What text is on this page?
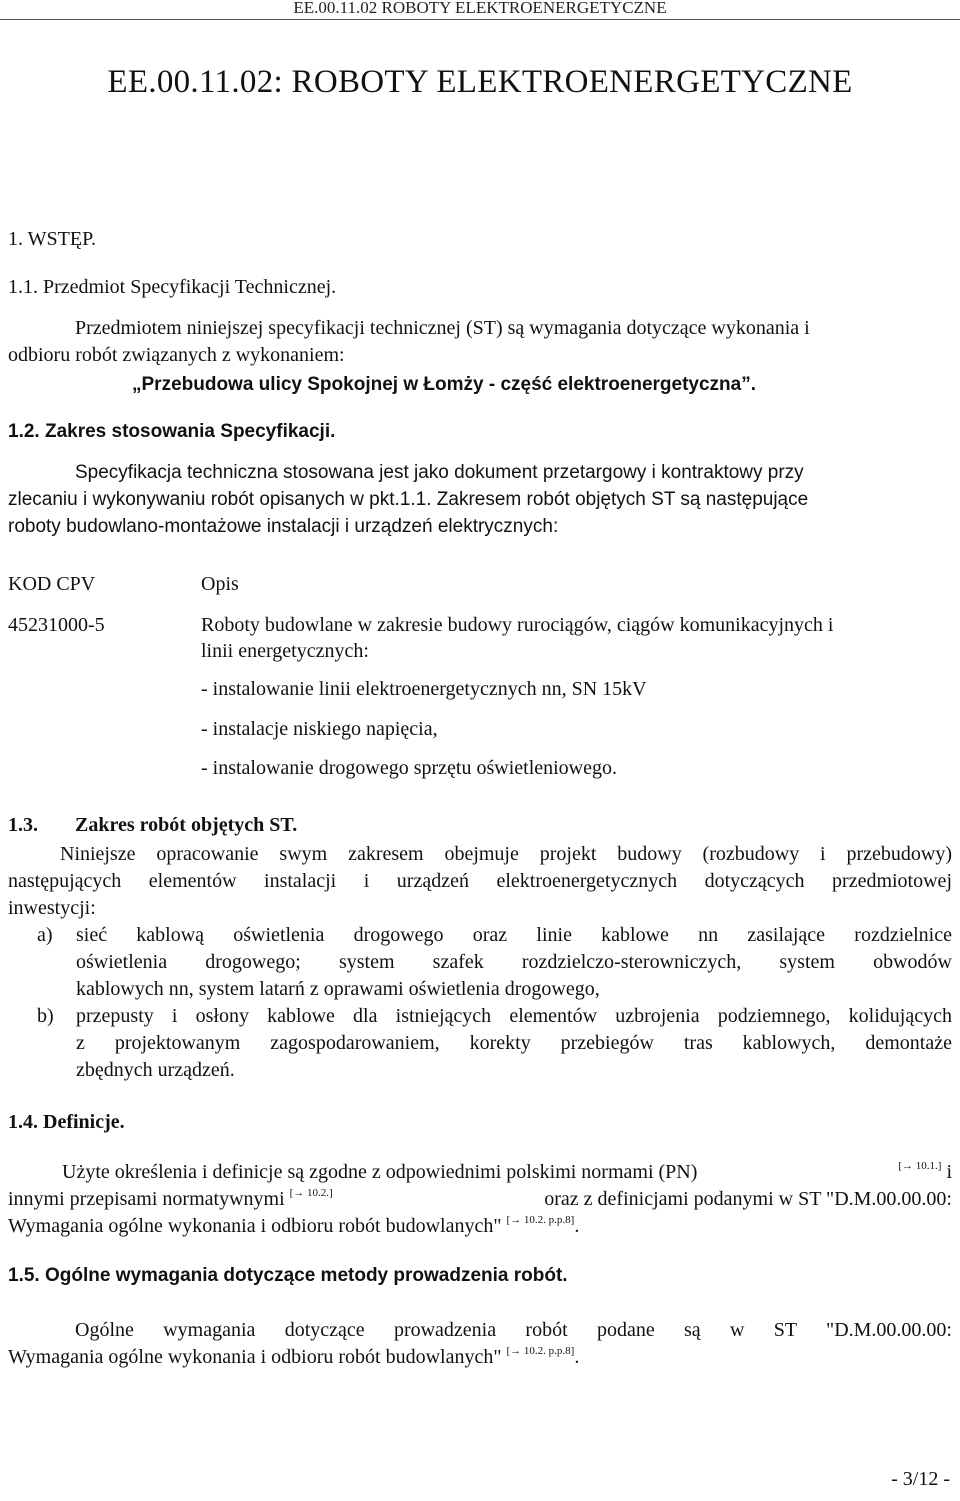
EE.00.11.02 ROBOTY ELEKTROENERGETYCZNE
EE.00.11.02: ROBOTY ELEKTROENERGETYCZNE
1. WSTĘP.
1.1. Przedmiot Specyfikacji Technicznej.
Przedmiotem niniejszej specyfikacji technicznej (ST) są wymagania dotyczące wykonania i
odbioru robót związanych z wykonaniem:
„Przebudowa ulicy Spokojnej w Łomży - część elektroenergetyczna”.
1.2. Zakres stosowania Specyfikacji.
Specyfikacja techniczna stosowana jest jako dokument przetargowy i kontraktowy przy
zlecaniu i wykonywaniu robót opisanych w pkt.1.1. Zakresem robót objętych ST są następujące
roboty budowlano-montażowe instalacji i urządzeń elektrycznych:
KOD CPV	Opis
45231000-5	Roboty budowlane w zakresie budowy rurociągów, ciągów komunikacyjnych i
linii energetycznych:
- instalowanie linii elektroenergetycznych nn, SN 15kV
- instalacje niskiego napięcia,
- instalowanie drogowego sprzętu oświetleniowego.
1.3. Zakres robót objętych ST.
Niniejsze opracowanie swym zakresem obejmuje projekt budowy (rozbudowy i przebudowy)
następujących elementów instalacji i urządzeń elektroenergetycznych dotyczących przedmiotowej
inwestycji:
a) sieć kablową oświetlenia drogowego oraz linie kablowe nn zasilające rozdzielnice
oświetlenia drogowego; system szafek rozdzielczo-sterowniczych, system obwodów
kablowych nn, system latarń z oprawami oświetlenia drogowego,
b) przepusty i osłony kablowe dla istniejących elementów uzbrojenia podziemnego, kolidujących
z projektowanym zagospodarowaniem, korekty przebiegów tras kablowych, demontaże
zbędnych urządzeń.
1.4. Definicje.
Użyte określenia i definicje są zgodne z odpowiednimi polskimi normami (PN)	[→ 10.1.] i
innymi przepisami normatywnymi [→ 10.2.]	oraz z definicjami podanymi w ST "D.M.00.00.00:
Wymagania ogólne wykonania i odbioru robót budowlanych" [→ 10.2. p.p.8].
1.5. Ogólne wymagania dotyczące metody prowadzenia robót.
Ogólne wymagania dotyczące prowadzenia robót podane są w ST "D.M.00.00.00:
Wymagania ogólne wykonania i odbioru robót budowlanych" [→ 10.2. p.p.8].
- 3/12 -
